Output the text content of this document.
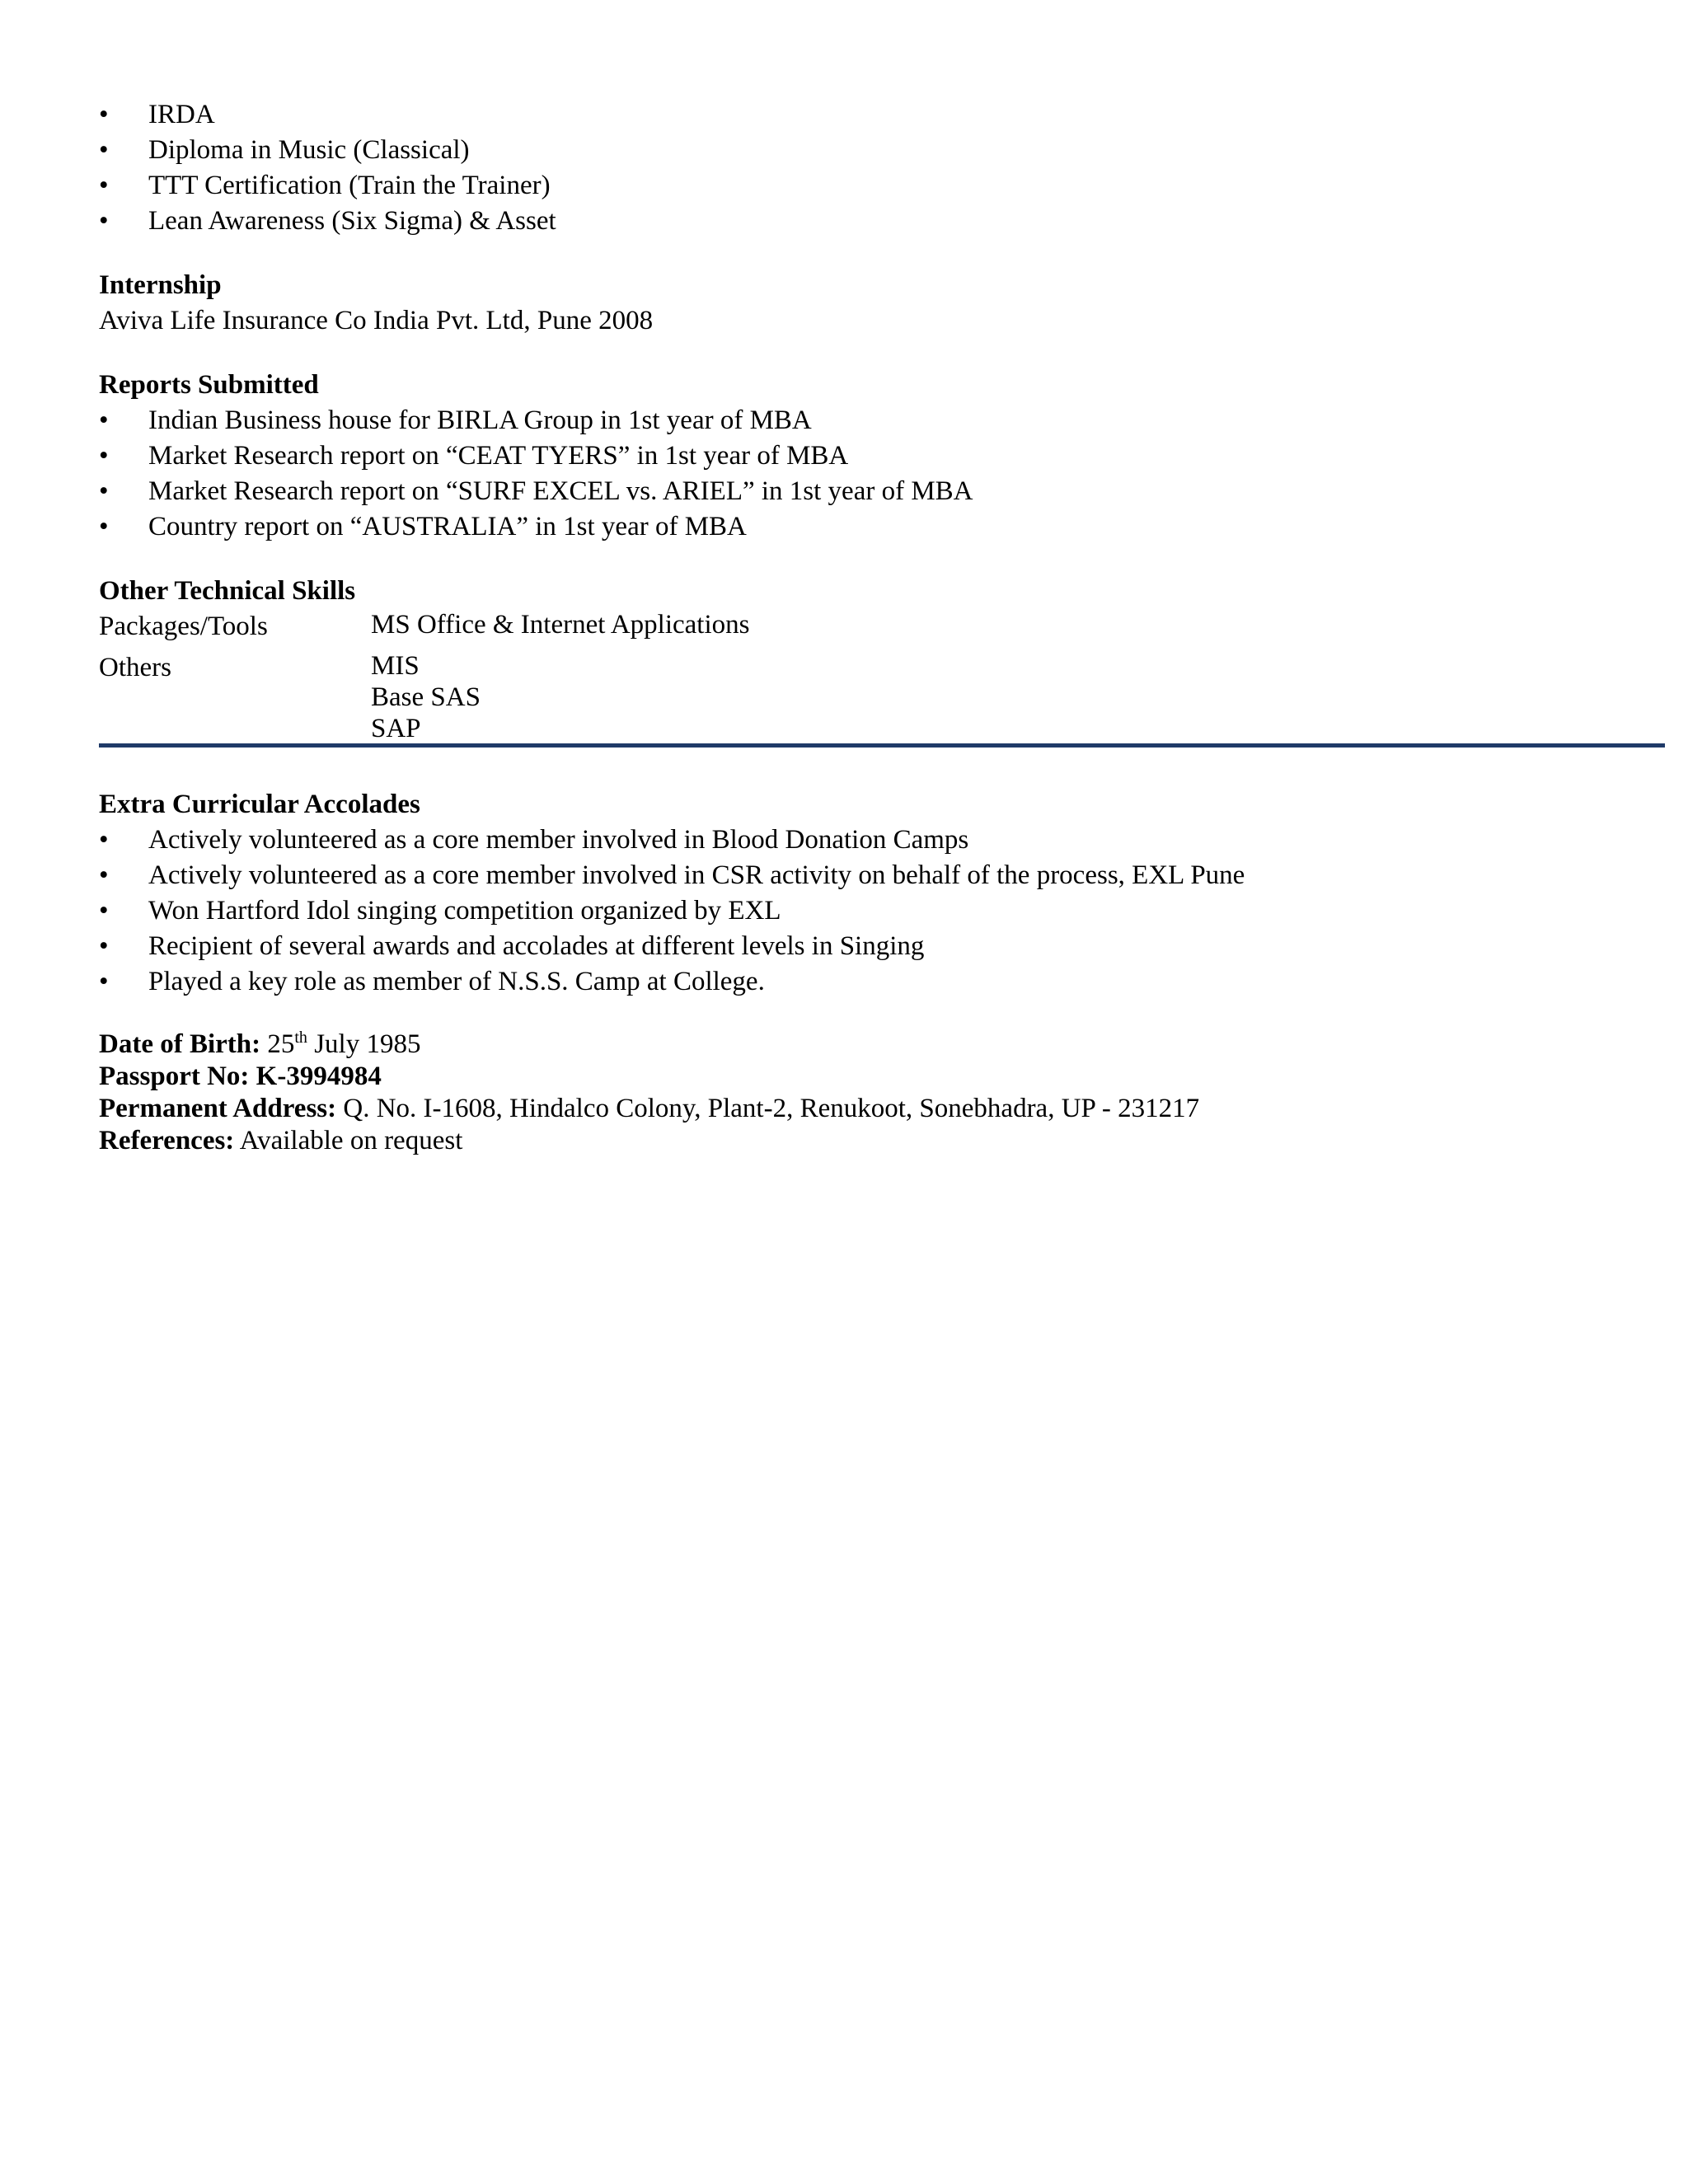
•	IRDA
•	Diploma in Music (Classical)
•	TTT Certification (Train the Trainer)
•	Lean Awareness (Six Sigma) & Asset
Internship
Aviva Life Insurance Co India Pvt. Ltd, Pune 2008
Reports Submitted
•	Indian Business house for BIRLA Group in 1st year of MBA
•	Market Research report on “CEAT TYERS” in 1st year of MBA
•	Market Research report on “SURF EXCEL vs. ARIEL” in 1st year of MBA
•	Country report on “AUSTRALIA” in 1st year of MBA
Other Technical Skills
Packages/Tools	MS Office & Internet Applications
Others	MIS
Base SAS
SAP
Extra Curricular Accolades
•	Actively volunteered as a core member involved in Blood Donation Camps
•	Actively volunteered as a core member involved in CSR activity on behalf of the process, EXL Pune
•	Won Hartford Idol singing competition organized by EXL
•	Recipient of several awards and accolades at different levels in Singing
•	Played a key role as member of N.S.S. Camp at College.
Date of Birth: 25th July 1985
Passport No: K-3994984
Permanent Address: Q. No. I-1608, Hindalco Colony, Plant-2, Renukoot, Sonebhadra, UP - 231217
References: Available on request
